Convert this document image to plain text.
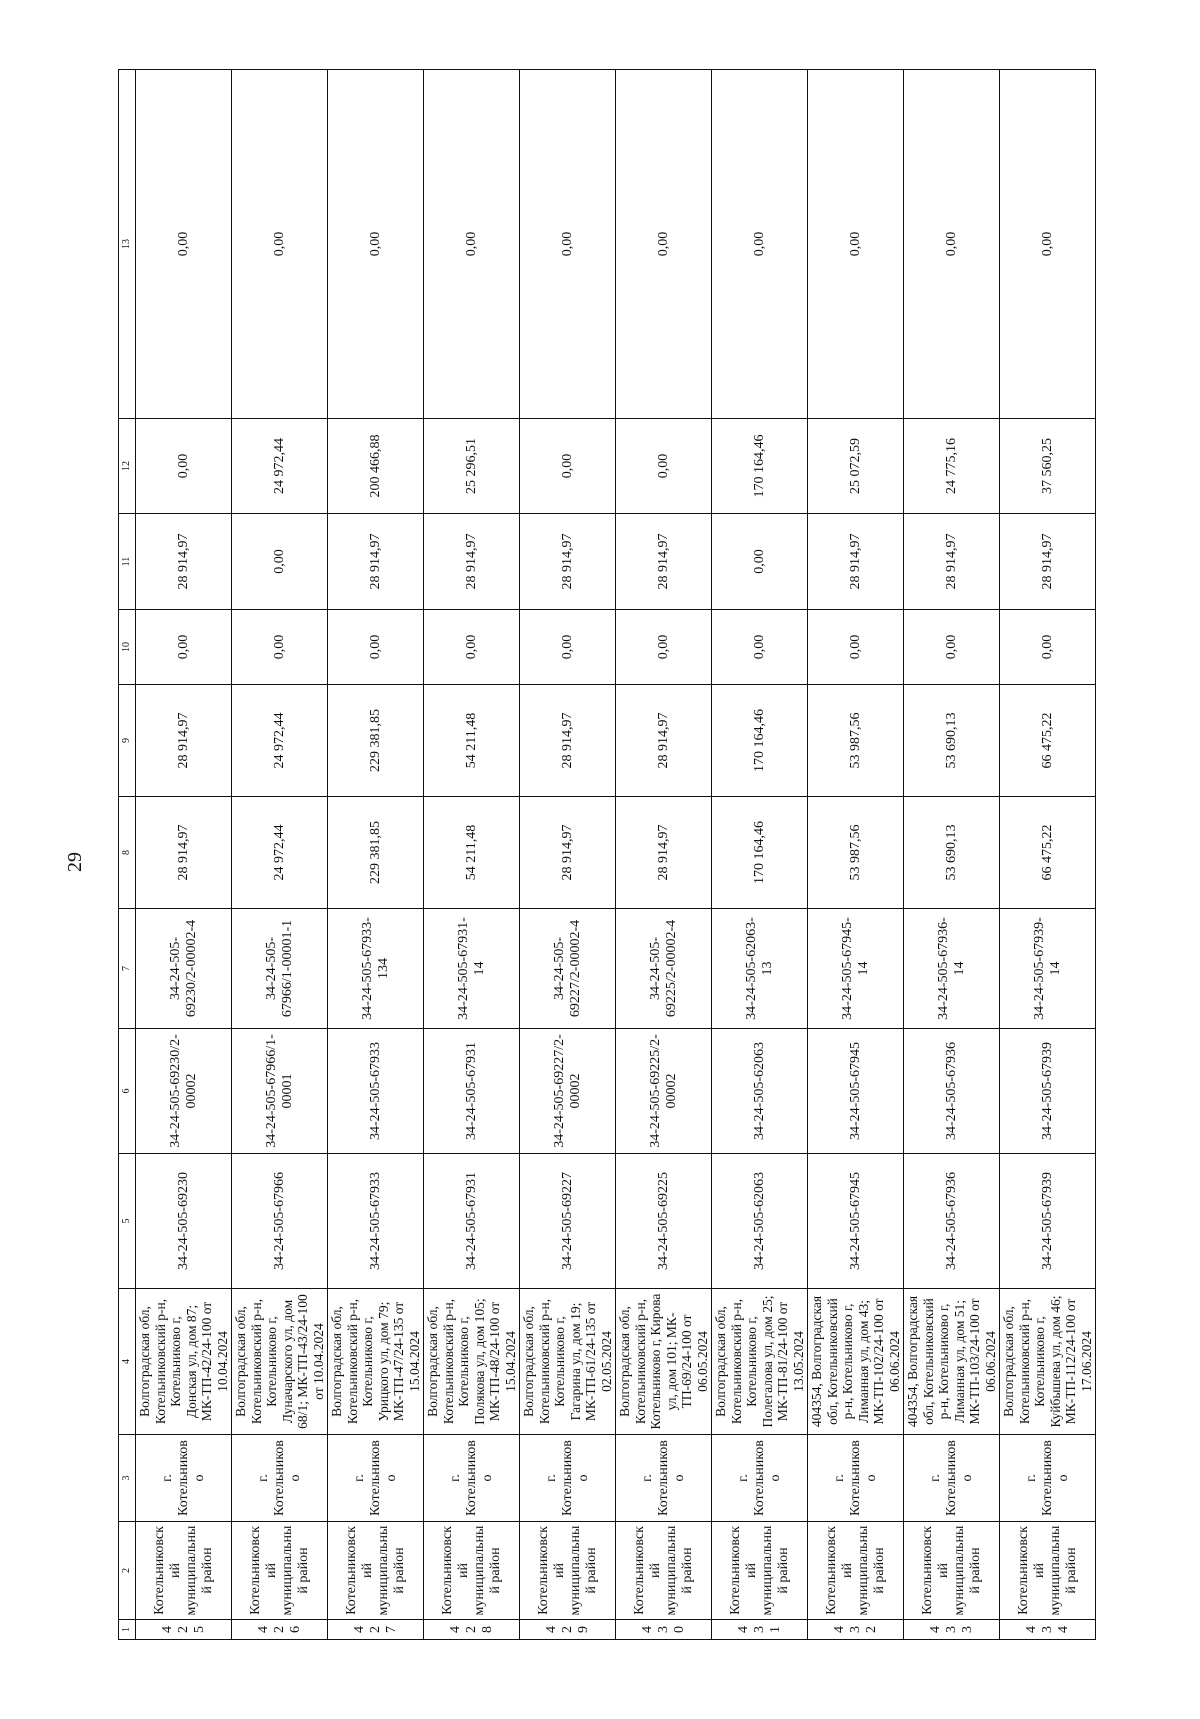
29
1	2	3	4	5	6	7	8	9	10	11	12	13
425	Котельниковский муниципальный район	г. Котельниково	Волгоградская обл, Котельниковский р-н, Котельниково г, Донская ул, дом 87; МК-ТП-42/24-100 от 10.04.2024	34-24-505-69230	34-24-505-69230/2-00002	34-24-505-69230/2-00002-4	28 914,97	28 914,97	0,00	28 914,97	0,00	0,00
426	Котельниковский муниципальный район	г. Котельниково	Волгоградская обл, Котельниковский р-н, Котельниково г, Луначарского ул, дом 68/1; МК-ТП-43/24-100 от 10.04.2024	34-24-505-67966	34-24-505-67966/1-00001	34-24-505-67966/1-00001-1	24 972,44	24 972,44	0,00	0,00	24 972,44	0,00
427	Котельниковский муниципальный район	г. Котельниково	Волгоградская обл, Котельниковский р-н, Котельниково г, Урицкого ул, дом 79; МК-ТП-47/24-135 от 15.04.2024	34-24-505-67933	34-24-505-67933	34-24-505-67933-134	229 381,85	229 381,85	0,00	28 914,97	200 466,88	0,00
428	Котельниковский муниципальный район	г. Котельниково	Волгоградская обл, Котельниковский р-н, Котельниково г, Полякова ул, дом 105; МК-ТП-48/24-100 от 15.04.2024	34-24-505-67931	34-24-505-67931	34-24-505-67931-14	54 211,48	54 211,48	0,00	28 914,97	25 296,51	0,00
429	Котельниковский муниципальный район	г. Котельниково	Волгоградская обл, Котельниковский р-н, Котельниково г, Гагарина ул, дом 19; МК-ТП-61/24-135 от 02.05.2024	34-24-505-69227	34-24-505-69227/2-00002	34-24-505-69227/2-00002-4	28 914,97	28 914,97	0,00	28 914,97	0,00	0,00
430	Котельниковский муниципальный район	г. Котельниково	Волгоградская обл, Котельниковский р-н, Котельниково г, Кирова ул, дом 101; МК-ТП-69/24-100 от 06.05.2024	34-24-505-69225	34-24-505-69225/2-00002	34-24-505-69225/2-00002-4	28 914,97	28 914,97	0,00	28 914,97	0,00	0,00
431	Котельниковский муниципальный район	г. Котельниково	Волгоградская обл, Котельниковский р-н, Котельниково г, Полегалова ул, дом 25; МК-ТП-81/24-100 от 13.05.2024	34-24-505-62063	34-24-505-62063	34-24-505-62063-13	170 164,46	170 164,46	0,00	0,00	170 164,46	0,00
432	Котельниковский муниципальный район	г. Котельниково	404354, Волгоградская обл, Котельниковский р-н, Котельниково г, Лиманная ул, дом 43; МК-ТП-102/24-100 от 06.06.2024	34-24-505-67945	34-24-505-67945	34-24-505-67945-14	53 987,56	53 987,56	0,00	28 914,97	25 072,59	0,00
433	Котельниковский муниципальный район	г. Котельниково	404354, Волгоградская обл, Котельниковский р-н, Котельниково г, Лиманная ул, дом 51; МК-ТП-103/24-100 от 06.06.2024	34-24-505-67936	34-24-505-67936	34-24-505-67936-14	53 690,13	53 690,13	0,00	28 914,97	24 775,16	0,00
434	Котельниковский муниципальный район	г. Котельниково	Волгоградская обл, Котельниковский р-н, Котельниково г, Куйбышева ул, дом 46; МК-ТП-112/24-100 от 17.06.2024	34-24-505-67939	34-24-505-67939	34-24-505-67939-14	66 475,22	66 475,22	0,00	28 914,97	37 560,25	0,00
